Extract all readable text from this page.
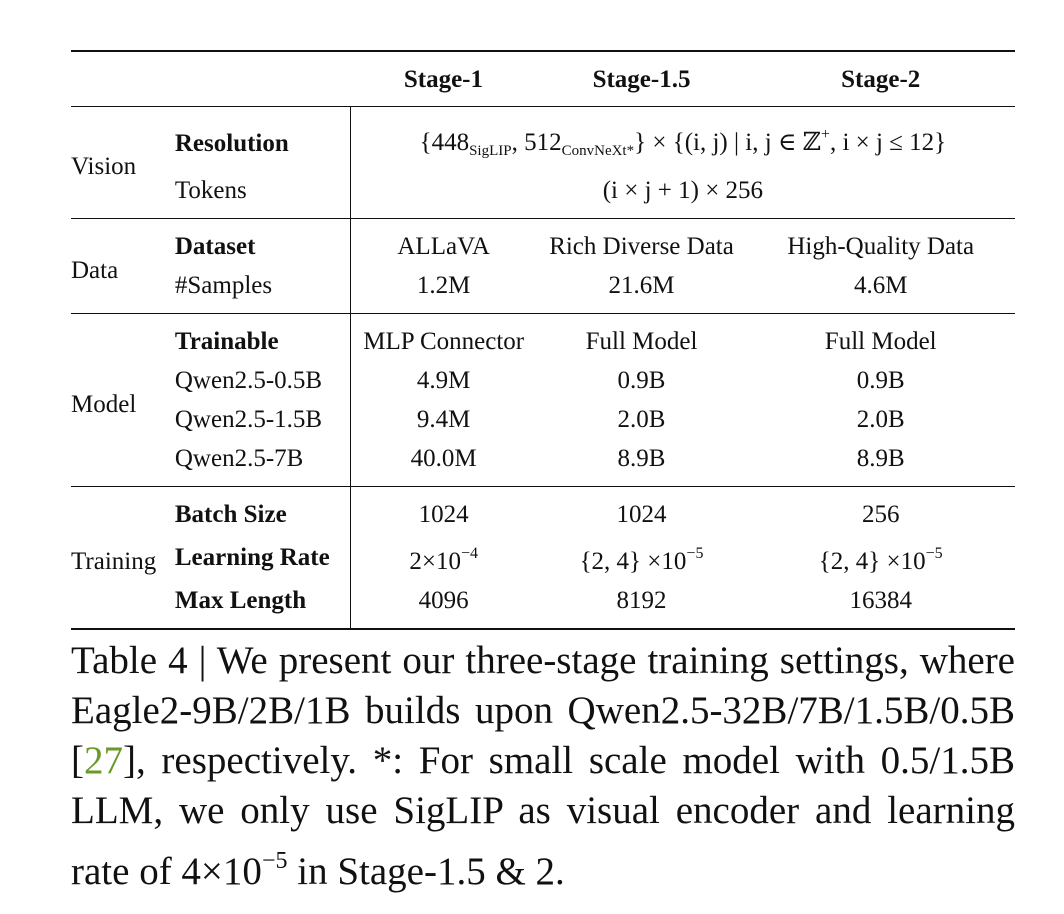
		Stage-1	Stage-1.5	Stage-2
Vision	Resolution	{$448_{SigLIP}$, $512_{ConvNeXt*}\} \times \{(i$, j) | i, j ∈ ℤ+, i × j ≤ 12}		
	Tokens	(i × j + 1) × 256		
Data	Dataset	ALLaVA	Rich Diverse Data	High-Quality Data
	#Samples	1.2M	21.6M	4.6M
Model	Trainable	MLP Connector	Full Model	Full Model
	Qwen2.5-0.5B	4.9M	0.9B	0.9B
	Qwen2.5-1.5B	9.4M	2.0B	2.0B
	Qwen2.5-7B	40.0M	8.9B	8.9B
Training	Batch Size	1024	1024	256
	Learning Rate	$2\times 10^{-4}$	{2, $4\} \times 10^{-5}$	{2, $4\} \times 10^{-5}$
	Max Length	4096	8192	16384
Table 4 | We present our three-stage training settings, where Eagle2-9B/2B/1B builds upon Qwen2.5-32B/7B/1.5B/0.5B [27], respectively. *: For small scale model with 0.5/1.5B LLM, we only use SigLIP as visual encoder and learning rate of $4\times 10^{-5}$ in Stage-1.5 & 2.
